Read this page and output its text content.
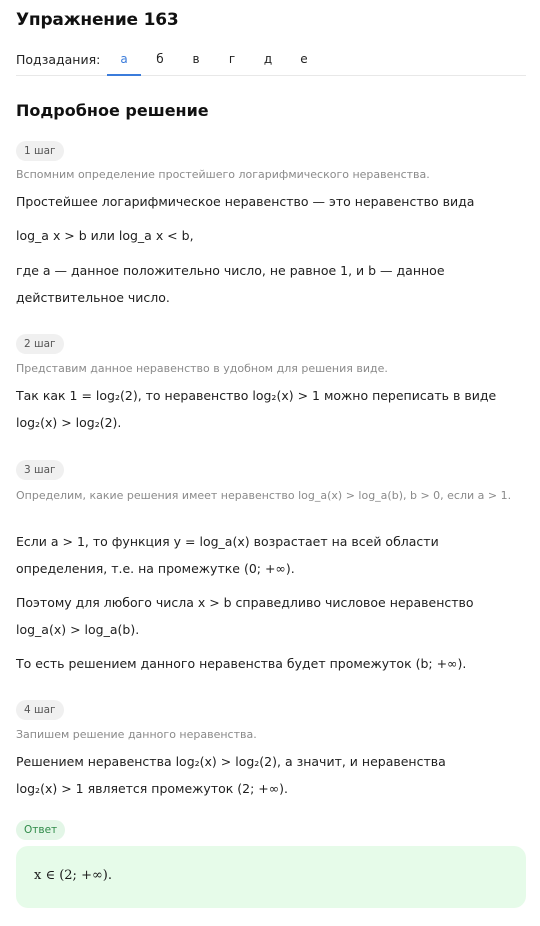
Упражнение 163
Подзадания:	а	б	в	г	д	е
Подробное решение
1 шаг
Вспомним определение простейшего логарифмического неравенства.
Простейшее логарифмическое неравенство — это неравенство вида
log_a x > b или log_a x < b,
где a — данное положительно число, не равное 1, и b — данное
действительное число.
2 шаг
Представим данное неравенство в удобном для решения виде.
Так как 1 = log₂(2), то неравенство log₂(x) > 1 можно переписать в виде
log₂(x) > log₂(2).
3 шаг
Определим, какие решения имеет неравенство log_a(x) > log_a(b), b > 0, если a > 1.
Если a > 1, то функция y = log_a(x) возрастает на всей области
определения, т.е. на промежутке (0; +∞).
Поэтому для любого числа x > b справедливо числовое неравенство
log_a(x) > log_a(b).
То есть решением данного неравенства будет промежуток (b; +∞).
4 шаг
Запишем решение данного неравенства.
Решением неравенства log₂(x) > log₂(2), а значит, и неравенства
log₂(x) > 1 является промежуток (2; +∞).
Ответ
x ∈ (2; +∞).
